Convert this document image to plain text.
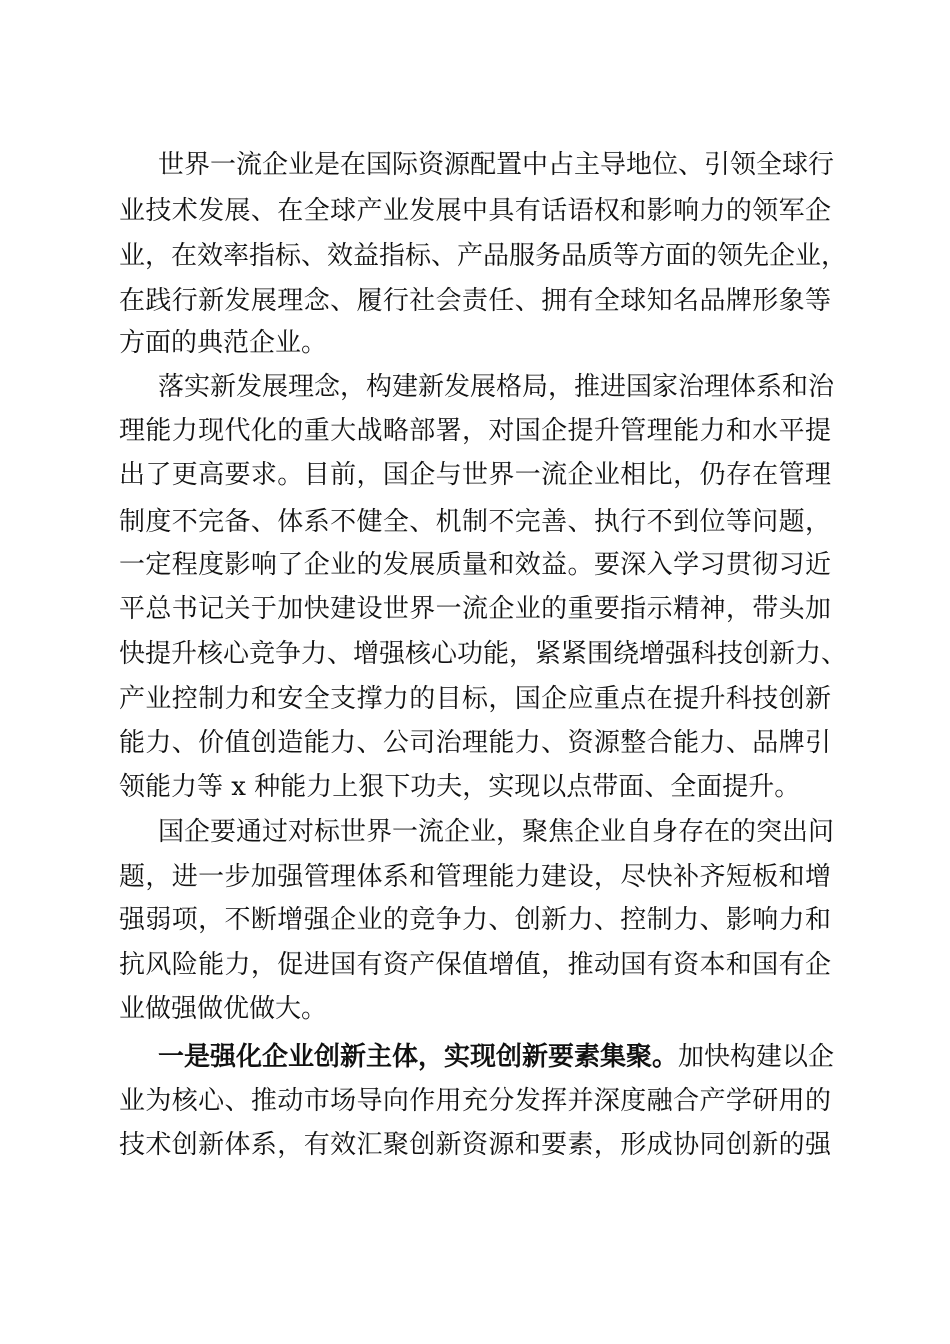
世界一流企业是在国际资源配置中占主导地位、引领全球行
业技术发展、在全球产业发展中具有话语权和影响力的领军企
业，在效率指标、效益指标、产品服务品质等方面的领先企业，
在践行新发展理念、履行社会责任、拥有全球知名品牌形象等
方面的典范企业。
落实新发展理念，构建新发展格局，推进国家治理体系和治
理能力现代化的重大战略部署，对国企提升管理能力和水平提
出了更高要求。目前，国企与世界一流企业相比，仍存在管理
制度不完备、体系不健全、机制不完善、执行不到位等问题，
一定程度影响了企业的发展质量和效益。要深入学习贯彻习近
平总书记关于加快建设世界一流企业的重要指示精神，带头加
快提升核心竞争力、增强核心功能，紧紧围绕增强科技创新力、
产业控制力和安全支撑力的目标，国企应重点在提升科技创新
能力、价值创造能力、公司治理能力、资源整合能力、品牌引
领能力等 x 种能力上狠下功夫，实现以点带面、全面提升。
国企要通过对标世界一流企业，聚焦企业自身存在的突出问
题，进一步加强管理体系和管理能力建设，尽快补齐短板和增
强弱项，不断增强企业的竞争力、创新力、控制力、影响力和
抗风险能力，促进国有资产保值增值，推动国有资本和国有企
业做强做优做大。
一是强化企业创新主体，实现创新要素集聚。加快构建以企
业为核心、推动市场导向作用充分发挥并深度融合产学研用的
技术创新体系，有效汇聚创新资源和要素，形成协同创新的强
